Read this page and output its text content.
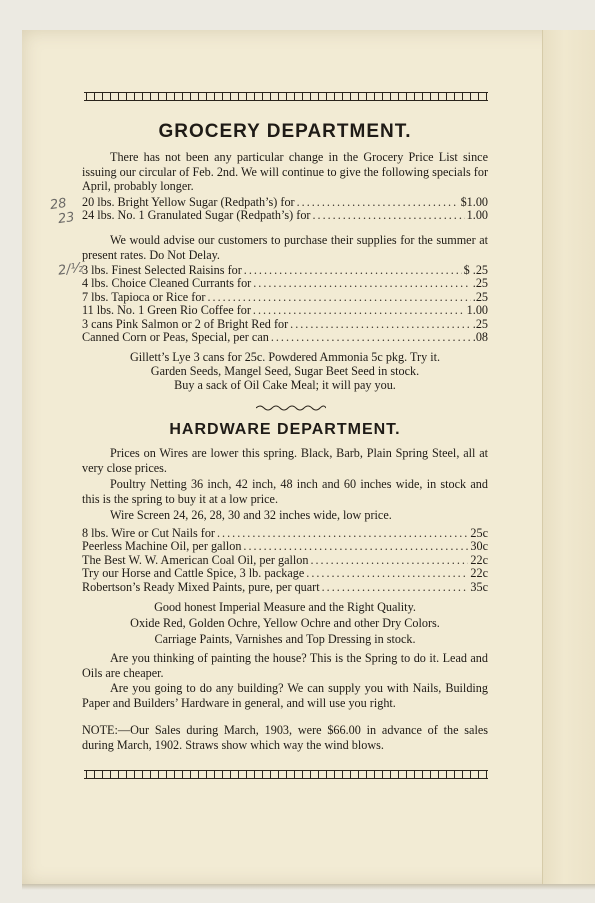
GROCERY DEPARTMENT.
There has not been any particular change in the Grocery Price List since issuing our circular of Feb. 2nd. We will continue to give the following specials for April, probably longer.
20 lbs. Bright Yellow Sugar (Redpath’s) for .....	$1.00
24 lbs. No. 1 Granulated Sugar (Redpath’s) for .....	1.00
We would advise our customers to purchase their supplies for the summer at present rates. Do Not Delay.
3 lbs. Finest Selected Raisins for .....	$ .25
4 lbs. Choice Cleaned Currants for .....	.25
7 lbs. Tapioca or Rice for .....	.25
11 lbs. No. 1 Green Rio Coffee for .....	1.00
3 cans Pink Salmon or 2 of Bright Red for .....	.25
Canned Corn or Peas, Special, per can .....	.08
Gillett’s Lye 3 cans for 25c. Powdered Ammonia 5c pkg. Try it.
Garden Seeds, Mangel Seed, Sugar Beet Seed in stock.
Buy a sack of Oil Cake Meal; it will pay you.
HARDWARE DEPARTMENT.
Prices on Wires are lower this spring. Black, Barb, Plain Spring Steel, all at very close prices.
Poultry Netting 36 inch, 42 inch, 48 inch and 60 inches wide, in stock and this is the spring to buy it at a low price.
Wire Screen 24, 26, 28, 30 and 32 inches wide, low price.
8 lbs. Wire or Cut Nails for .....	25c
Peerless Machine Oil, per gallon .....	30c
The Best W. W. American Coal Oil, per gallon .....	22c
Try our Horse and Cattle Spice, 3 lb. package .....	22c
Robertson’s Ready Mixed Paints, pure, per quart .....	35c
Good honest Imperial Measure and the Right Quality.
Oxide Red, Golden Ochre, Yellow Ochre and other Dry Colors.
Carriage Paints, Varnishes and Top Dressing in stock.
Are you thinking of painting the house? This is the Spring to do it. Lead and Oils are cheaper.
Are you going to do any building? We can supply you with Nails, Building Paper and Builders’ Hardware in general, and will use you right.
NOTE:—Our Sales during March, 1903, were $66.00 in advance of the sales during March, 1902. Straws show which way the wind blows.
28
23
2/½
